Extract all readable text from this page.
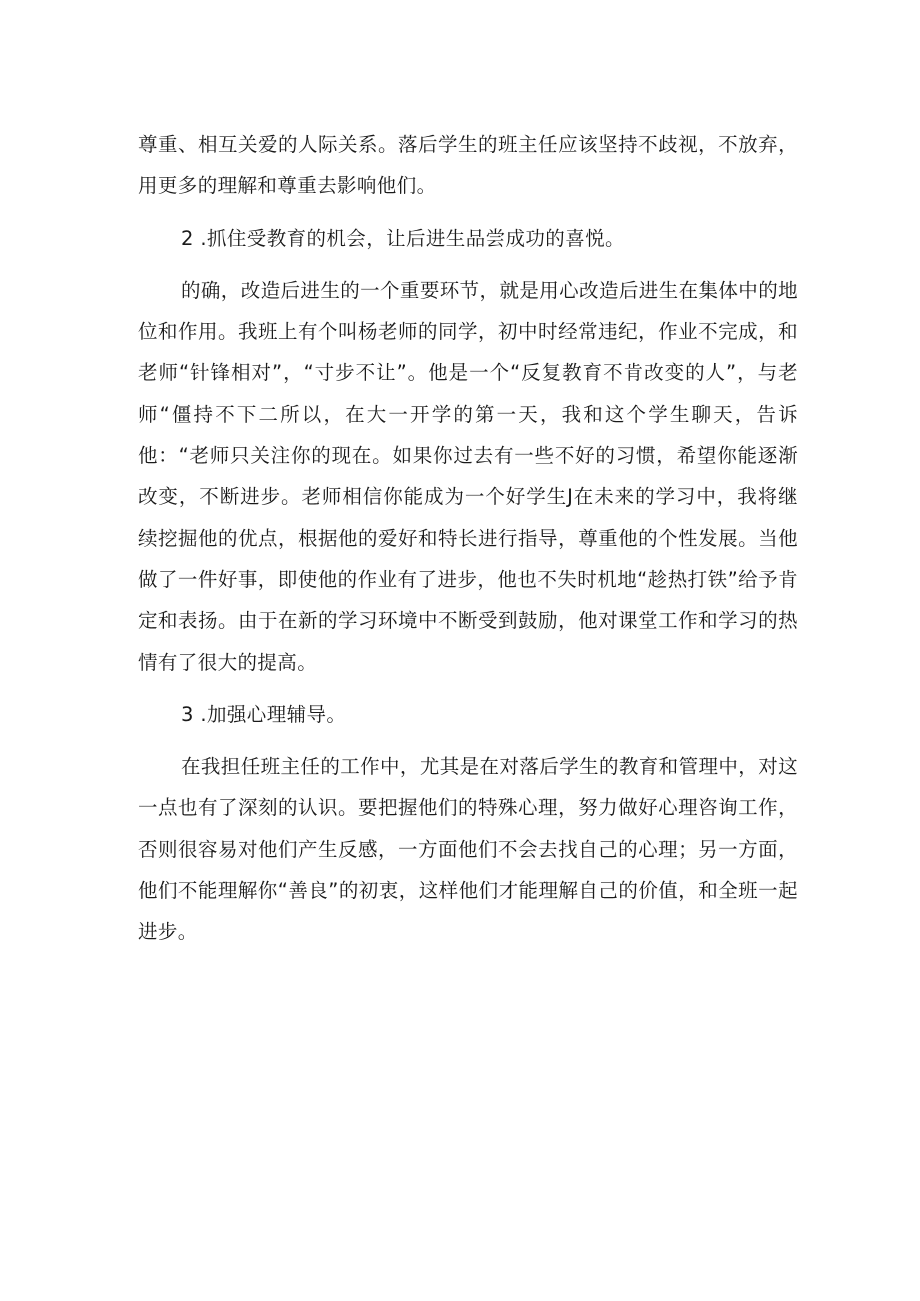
尊重、相互关爱的人际关系。落后学生的班主任应该坚持不歧视，不放弃，用更多的理解和尊重去影响他们。

2 .抓住受教育的机会，让后进生品尝成功的喜悦。

的确，改造后进生的一个重要环节，就是用心改造后进生在集体中的地位和作用。我班上有个叫杨老师的同学，初中时经常违纪，作业不完成，和老师“针锋相对”，“寸步不让”。他是一个“反复教育不肯改变的人”，与老师“僵持不下二所以，在大一开学的第一天，我和这个学生聊天，告诉他：“老师只关注你的现在。如果你过去有一些不好的习惯，希望你能逐渐改变，不断进步。老师相信你能成为一个好学生J在未来的学习中，我将继续挖掘他的优点，根据他的爱好和特长进行指导，尊重他的个性发展。当他做了一件好事，即使他的作业有了进步，他也不失时机地“趁热打铁”给予肯定和表扬。由于在新的学习环境中不断受到鼓励，他对课堂工作和学习的热情有了很大的提高。

3 .加强心理辅导。

在我担任班主任的工作中，尤其是在对落后学生的教育和管理中，对这一点也有了深刻的认识。要把握他们的特殊心理，努力做好心理咨询工作，否则很容易对他们产生反感，一方面他们不会去找自己的心理；另一方面，他们不能理解你“善良”的初衷，这样他们才能理解自己的价值，和全班一起进步。
